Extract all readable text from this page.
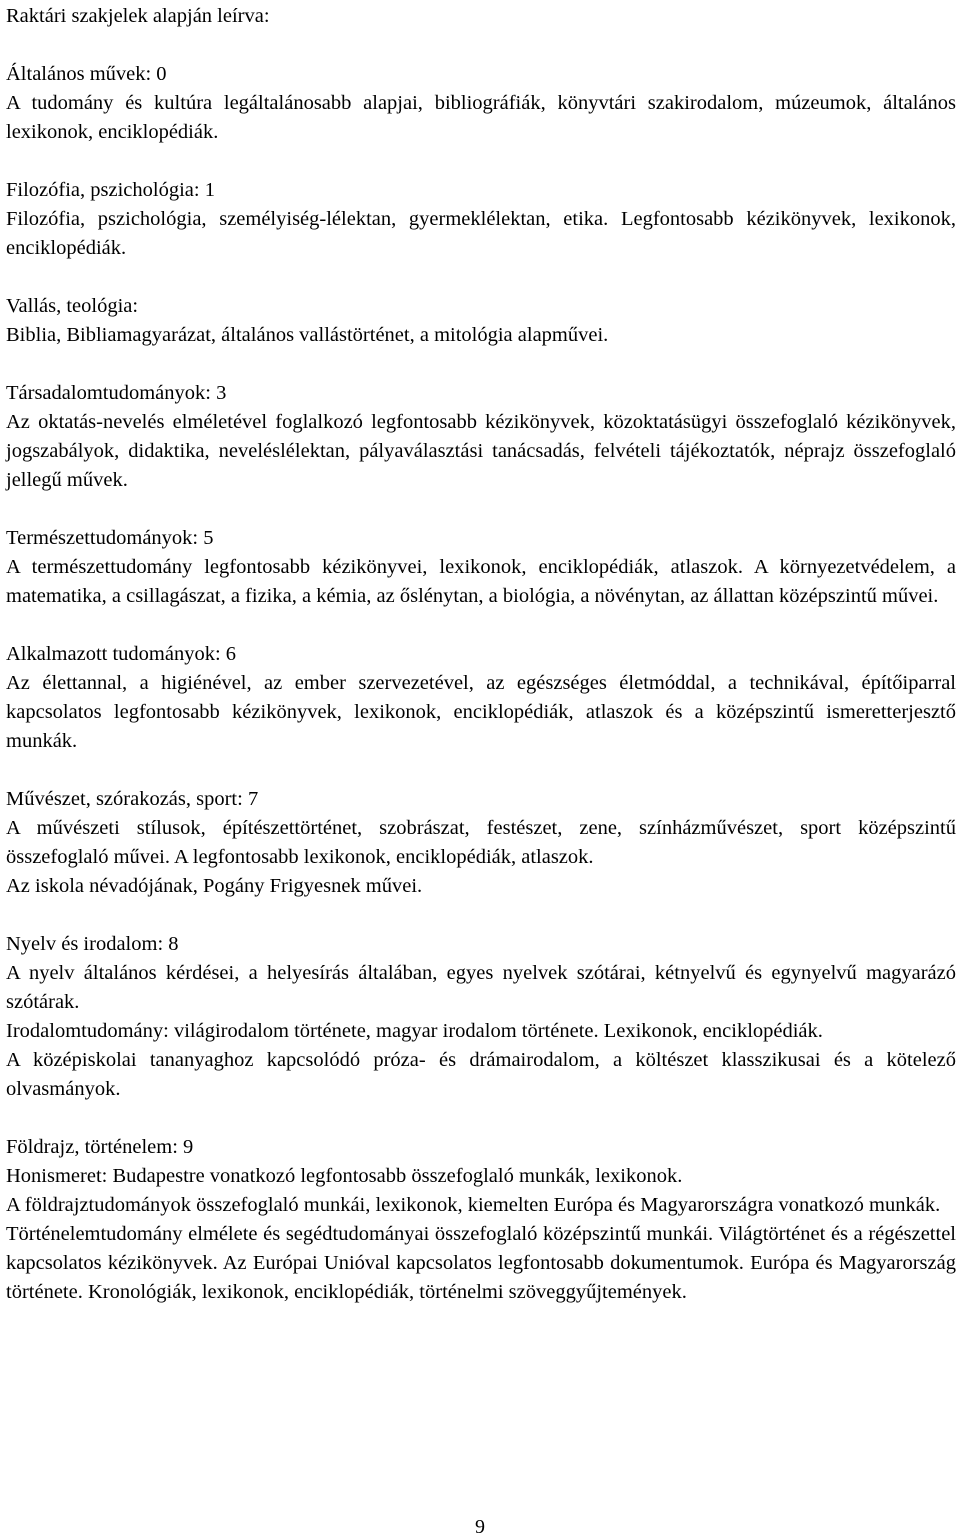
Raktári szakjelek alapján leírva:

Általános művek: 0

A tudomány és kultúra legáltalánosabb alapjai, bibliográfiák, könyvtári szakirodalom, múzeumok, általános lexikonok, enciklopédiák.

Filozófia, pszichológia: 1

Filozófia, pszichológia, személyiség-lélektan, gyermeklélektan, etika. Legfontosabb kézikönyvek, lexikonok, enciklopédiák.

Vallás, teológia:

Biblia, Bibliamagyarázat, általános vallástörténet, a mitológia alapművei.

Társadalomtudományok: 3

Az oktatás-nevelés elméletével foglalkozó legfontosabb kézikönyvek, közoktatásügyi összefoglaló kézikönyvek, jogszabályok, didaktika, neveléslélektan, pályaválasztási tanácsadás, felvételi tájékoztatók, néprajz összefoglaló jellegű művek.

Természettudományok: 5

A természettudomány legfontosabb kézikönyvei, lexikonok, enciklopédiák, atlaszok. A környezetvédelem, a matematika, a csillagászat, a fizika, a kémia, az őslénytan, a biológia, a növénytan, az állattan középszintű művei.

Alkalmazott tudományok: 6

Az élettannal, a higiénével, az ember szervezetével, az egészséges életmóddal, a technikával, építőiparral kapcsolatos legfontosabb kézikönyvek, lexikonok, enciklopédiák, atlaszok és a középszintű ismeretterjesztő munkák.

Művészet, szórakozás, sport: 7

A művészeti stílusok, építészettörténet, szobrászat, festészet, zene, színházművészet, sport középszintű összefoglaló művei. A legfontosabb lexikonok, enciklopédiák, atlaszok.

Az iskola névadójának, Pogány Frigyesnek művei.

Nyelv és irodalom: 8

A nyelv általános kérdései, a helyesírás általában, egyes nyelvek szótárai, kétnyelvű és egynyelvű magyarázó szótárak.

Irodalomtudomány: világirodalom története, magyar irodalom története. Lexikonok, enciklopédiák.

A középiskolai tananyaghoz kapcsolódó próza- és drámairodalom, a költészet klasszikusai és a kötelező olvasmányok.

Földrajz, történelem: 9

Honismeret: Budapestre vonatkozó legfontosabb összefoglaló munkák, lexikonok.

A földrajztudományok összefoglaló munkái, lexikonok, kiemelten Európa és Magyarországra vonatkozó munkák.

Történelemtudomány elmélete és segédtudományai összefoglaló középszintű munkái. Világtörténet és a régészettel kapcsolatos kézikönyvek. Az Európai Unióval kapcsolatos legfontosabb dokumentumok. Európa és Magyarország története. Kronológiák, lexikonok, enciklopédiák, történelmi szöveggyűjtemények.

9
